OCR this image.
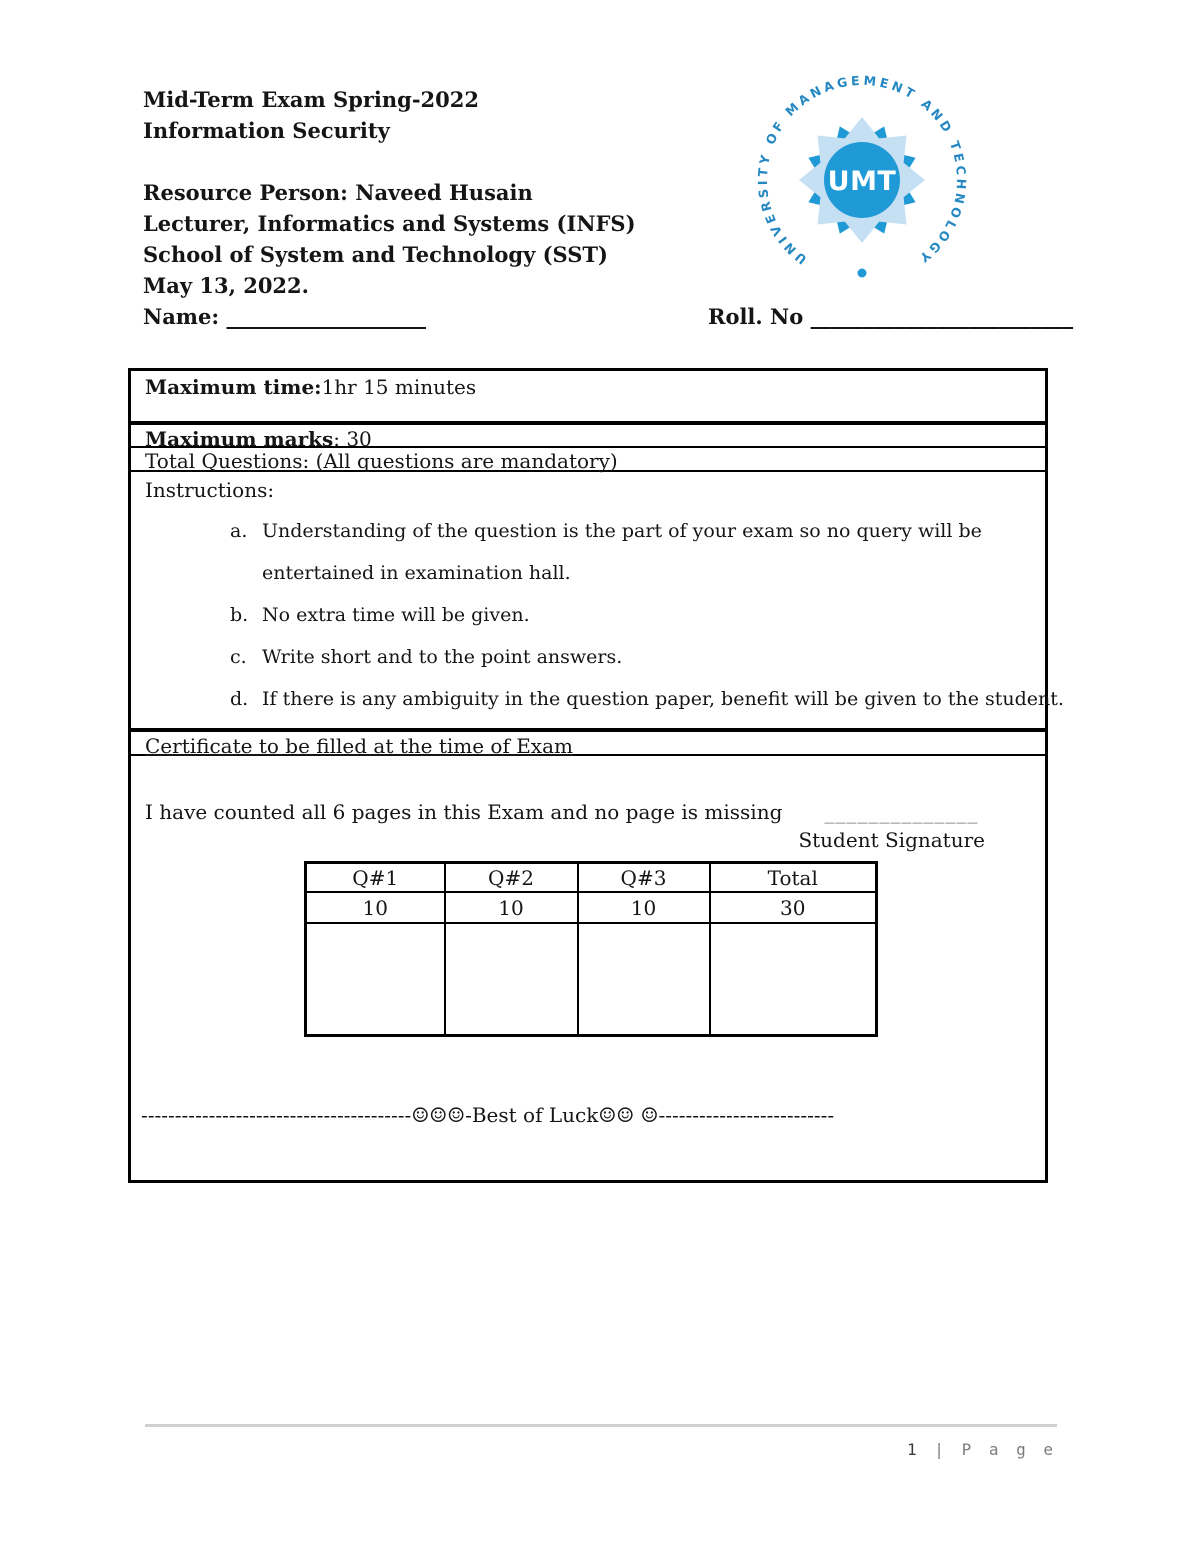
Mid-Term Exam Spring-2022
Information Security
Resource Person: Naveed Husain
Lecturer, Informatics and Systems (INFS)
School of System and Technology (SST)
May 13, 2022.
Name: ___________________	Roll. No _________________________
UMT
UNIVERSITY OF MANAGEMENT AND TECHNOLOGY
Maximum time:1hr 15 minutes
Maximum marks: 30
Total Questions: (All questions are mandatory)
Instructions:
a. Understanding of the question is the part of your exam so no query will be entertained in examination hall.
b. No extra time will be given.
c. Write short and to the point answers.
d. If there is any ambiguity in the question paper, benefit will be given to the student.
Certificate to be filled at the time of Exam
I have counted all 6 pages in this Exam and no page is missing ______________
Student Signature
Q#1	Q#2	Q#3	Total
10	10	10	30

----------------------------------------☺☺☺-Best of Luck☺☺ ☺--------------------------
1 | P a g e
